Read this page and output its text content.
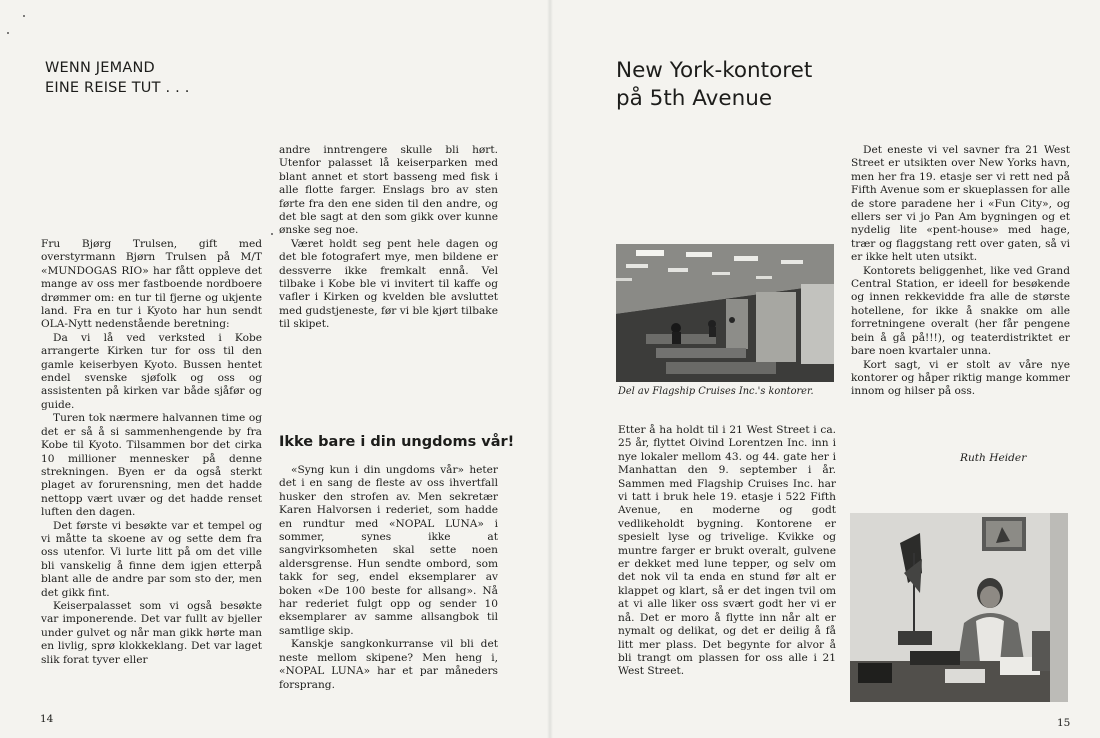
WENN JEMAND
EINE REISE TUT . . .

Fru Bjørg Trulsen, gift med overstyrmann Bjørn Trulsen på M/T «MUNDOGAS RIO» har fått oppleve det mange av oss mer fastboende nordboere drømmer om: en tur til fjerne og ukjente land. Fra en tur i Kyoto har hun sendt OLA-Nytt nedenstående beretning:

Da vi lå ved verksted i Kobe arrangerte Kirken tur for oss til den gamle keiserbyen Kyoto. Bussen hentet endel svenske sjøfolk og oss og assistenten på kirken var både sjåfør og guide.

Turen tok nærmere halvannen time og det er så å si sammenhengende by fra Kobe til Kyoto. Tilsammen bor det cirka 10 millioner mennesker på denne strekningen. Byen er da også sterkt plaget av forurensning, men det hadde nettopp vært uvær og det hadde renset luften den dagen.

Det første vi besøkte var et tempel og vi måtte ta skoene av og sette dem fra oss utenfor. Vi lurte litt på om det ville bli vanskelig å finne dem igjen etterpå blant alle de andre par som sto der, men det gikk fint.

Keiserpalasset som vi også besøkte var imponerende. Det var fullt av bjeller under gulvet og når man gikk hørte man en livlig, sprø klokkeklang. Det var laget slik forat tyver eller

andre inntrengere skulle bli hørt. Utenfor palasset lå keiserparken med blant annet et stort basseng med fisk i alle flotte farger. Enslags bro av sten førte fra den ene siden til den andre, og det ble sagt at den som gikk over kunne ønske seg noe.

Været holdt seg pent hele dagen og det ble fotografert mye, men bildene er dessverre ikke fremkalt ennå. Vel tilbake i Kobe ble vi invitert til kaffe og vafler i Kirken og kvelden ble avsluttet med gudstjeneste, før vi ble kjørt tilbake til skipet.

Ikke bare i din ungdoms vår!

«Syng kun i din ungdoms vår» heter det i en sang de fleste av oss ihvertfall husker den strofen av. Men sekretær Karen Halvorsen i rederiet, som hadde en rundtur med «NOPAL LUNA» i sommer, synes ikke at sangvirksomheten skal sette noen aldersgrense. Hun sendte ombord, som takk for seg, endel eksemplarer av boken «De 100 beste for allsang». Nå har rederiet fulgt opp og sender 10 eksemplarer av samme allsangbok til samtlige skip.

Kanskje sangkonkurranse vil bli det neste mellom skipene? Men heng i, «NOPAL LUNA» har et par måneders forsprang.

14
New York-kontoret
på 5th Avenue
Del av Flagship Cruises Inc.'s kontorer.

Etter å ha holdt til i 21 West Street i ca. 25 år, flyttet Oivind Lorentzen Inc. inn i nye lokaler mellom 43. og 44. gate her i Manhattan den 9. september i år. Sammen med Flagship Cruises Inc. har vi tatt i bruk hele 19. etasje i 522 Fifth Avenue, en moderne og godt vedlikeholdt bygning. Kontorene er spesielt lyse og trivelige. Kvikke og muntre farger er brukt overalt, gulvene er dekket med lune tepper, og selv om det nok vil ta enda en stund før alt er klappet og klart, så er det ingen tvil om at vi alle liker oss svært godt her vi er nå. Det er moro å flytte inn når alt er nymalt og delikat, og det er deilig å få litt mer plass. Det begynte for alvor å bli trangt om plassen for oss alle i 21 West Street.

Det eneste vi vel savner fra 21 West Street er utsikten over New Yorks havn, men her fra 19. etasje ser vi rett ned på Fifth Avenue som er skueplassen for alle de store paradene her i «Fun City», og ellers ser vi jo Pan Am bygningen og et nydelig lite «pent-house» med hage, trær og flaggstang rett over gaten, så vi er ikke helt uten utsikt.

Kontorets beliggenhet, like ved Grand Central Station, er ideell for besøkende og innen rekkevidde fra alle de største hotellene, for ikke å snakke om alle forretningene overalt (her får pengene bein å gå på!!!), og teaterdistriktet er bare noen kvartaler unna.

Kort sagt, vi er stolt av våre nye kontorer og håper riktig mange kommer innom og hilser på oss.

Ruth Heider
15
